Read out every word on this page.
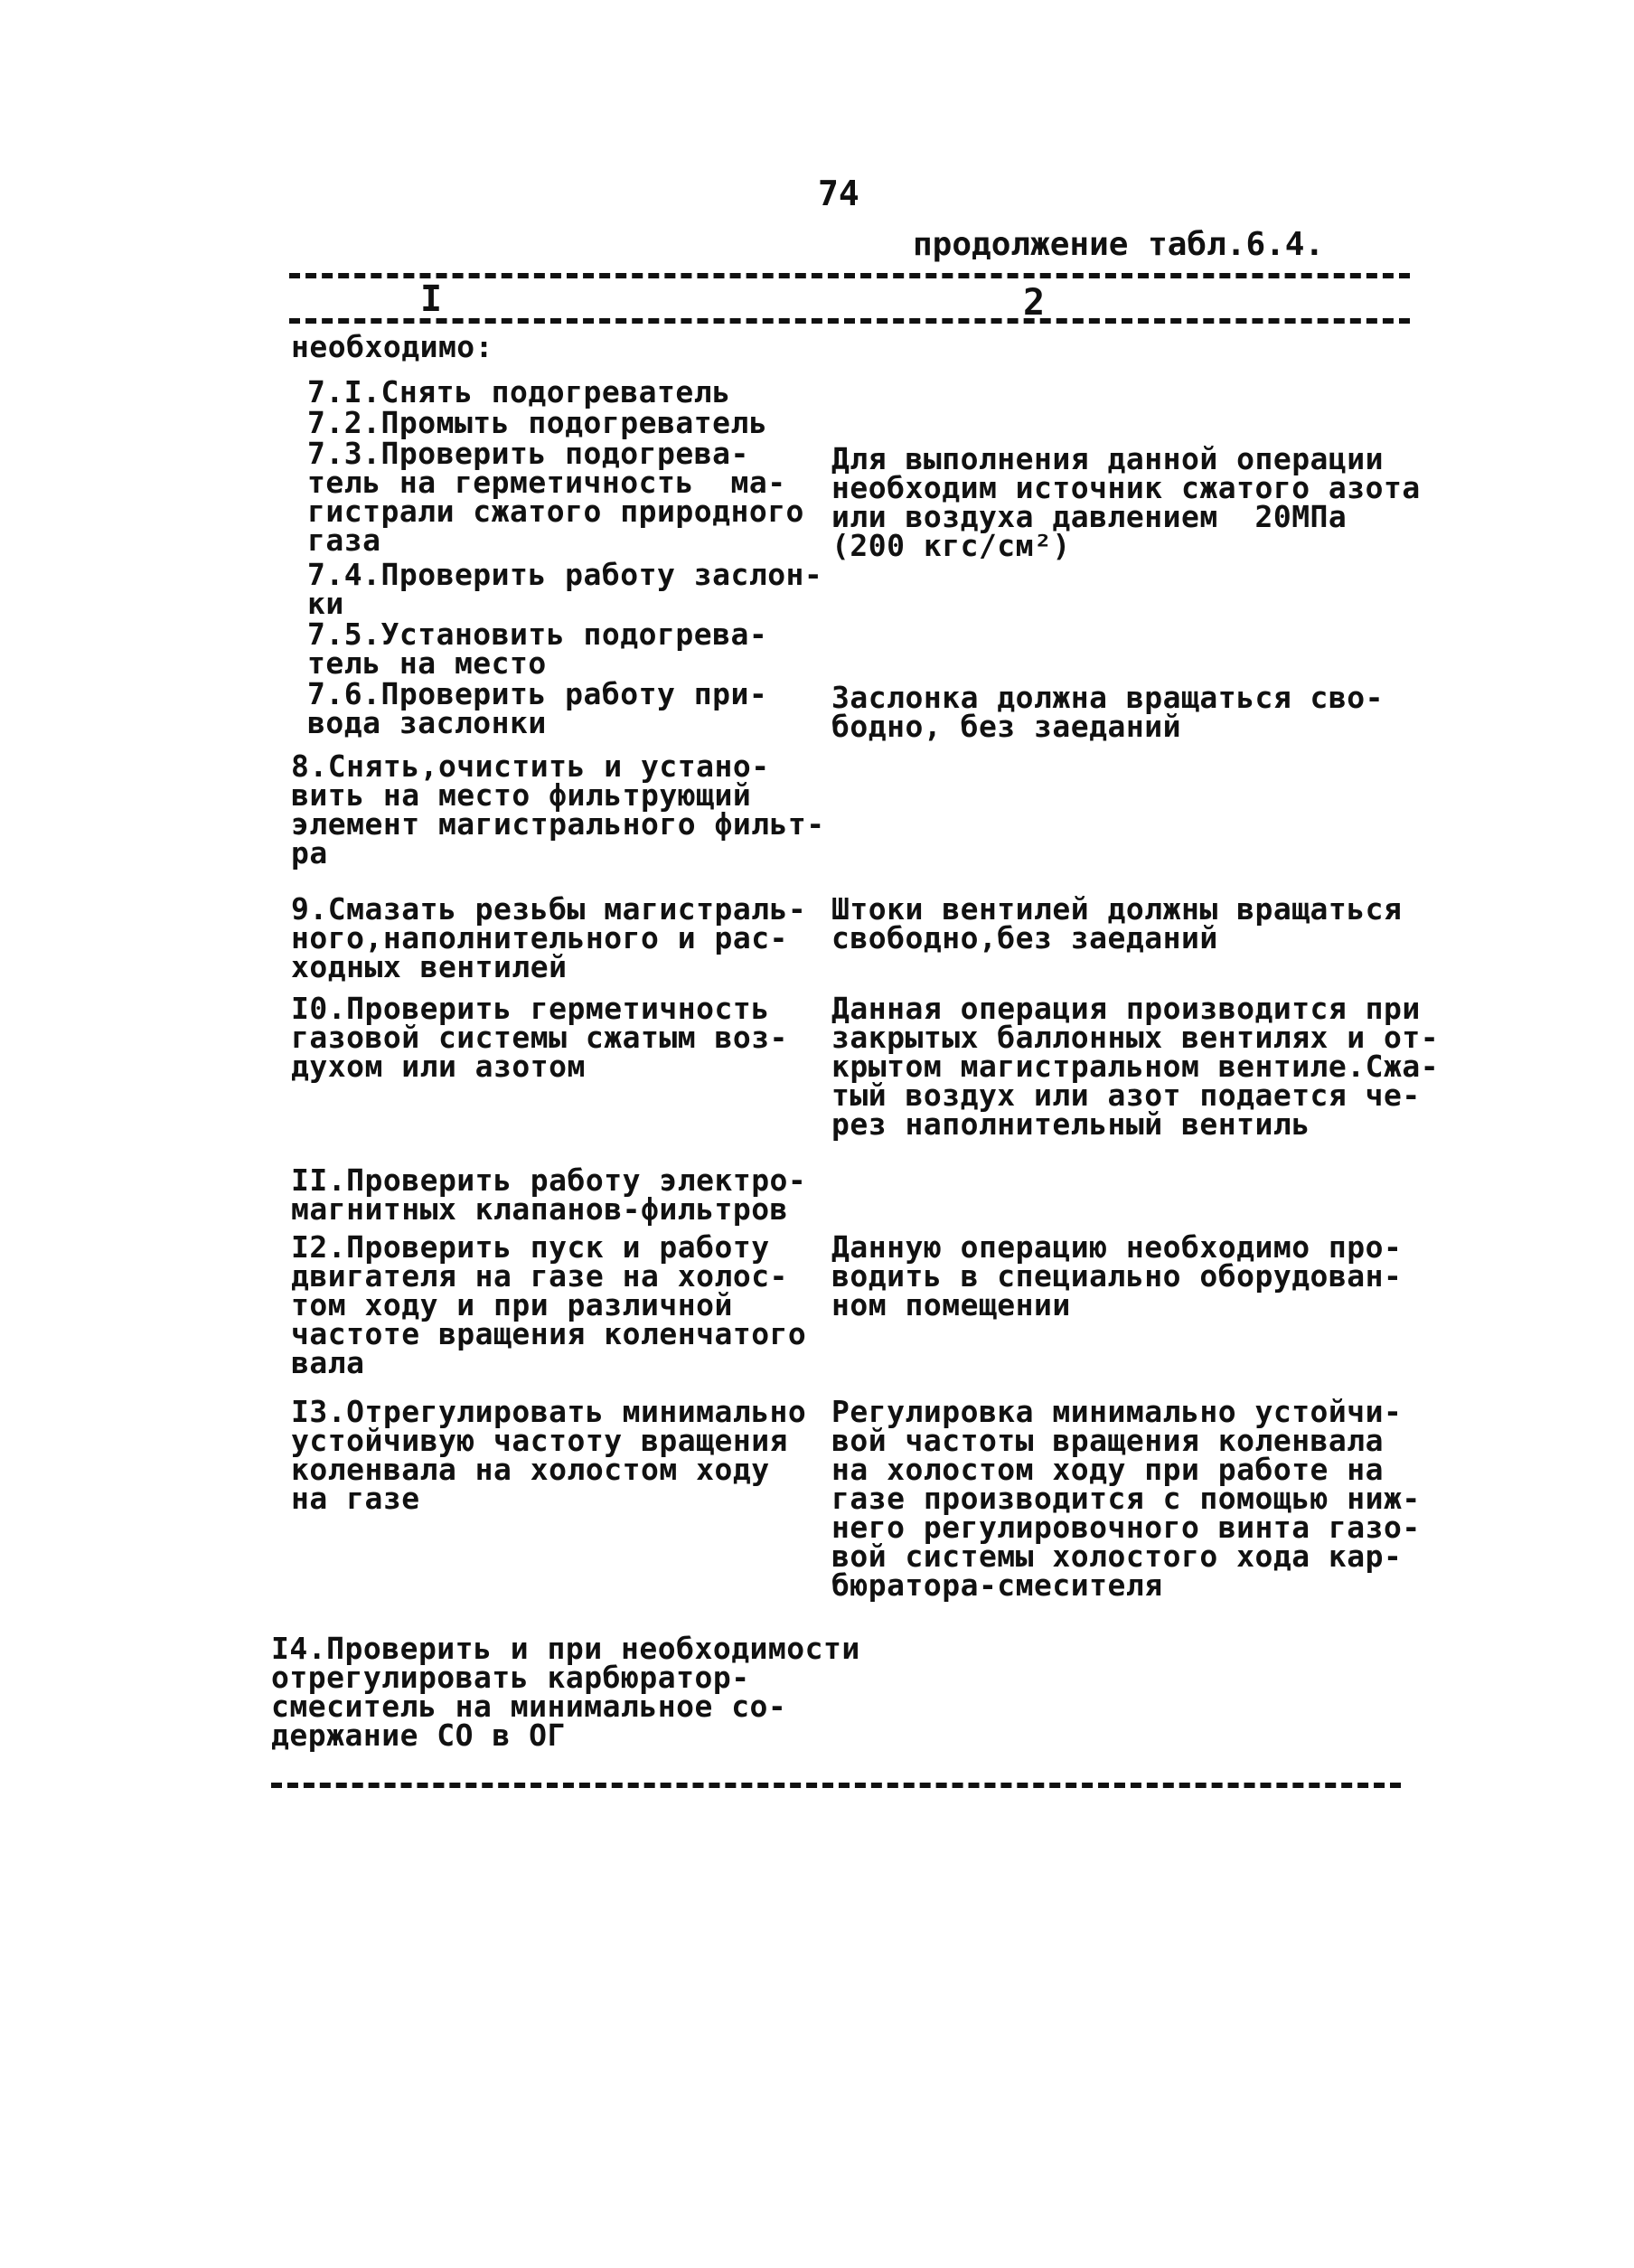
74
продолжение табл.6.4.
I	2
необходимо:
7.I.Снять подогреватель
7.2.Промыть подогреватель
7.3.Проверить подогрева-
тель на герметичность  ма-
гистрали сжатого природного
газа
Для выполнения данной операции
необходим источник сжатого азота
или воздуха давлением  20МПа
(200 кгс/см²)
7.4.Проверить работу заслон-
ки
7.5.Установить подогрева-
тель на место
7.6.Проверить работу при-
вода заслонки
Заслонка должна вращаться сво-
бодно, без заеданий
8.Снять,очистить и устано-
вить на место фильтрующий
элемент магистрального фильт-
ра
9.Смазать резьбы магистраль-
ного,наполнительного и рас-
ходных вентилей
Штоки вентилей должны вращаться
свободно,без заеданий
I0.Проверить герметичность
газовой системы сжатым воз-
духом или азотом
Данная операция производится при
закрытых баллонных вентилях и от-
крытом магистральном вентиле.Сжа-
тый воздух или азот подается че-
рез наполнительный вентиль
II.Проверить работу электро-
магнитных клапанов-фильтров
I2.Проверить пуск и работу
двигателя на газе на холос-
том ходу и при различной
частоте вращения коленчатого
вала
Данную операцию необходимо про-
водить в специально оборудован-
ном помещении
I3.Отрегулировать минимально
устойчивую частоту вращения
коленвала на холостом ходу
на газе
Регулировка минимально устойчи-
вой частоты вращения коленвала
на холостом ходу при работе на
газе производится с помощью ниж-
него регулировочного винта газо-
вой системы холостого хода кар-
бюратора-смесителя
I4.Проверить и при необходимости
отрегулировать карбюратор-
смеситель на минимальное со-
держание СО в ОГ
